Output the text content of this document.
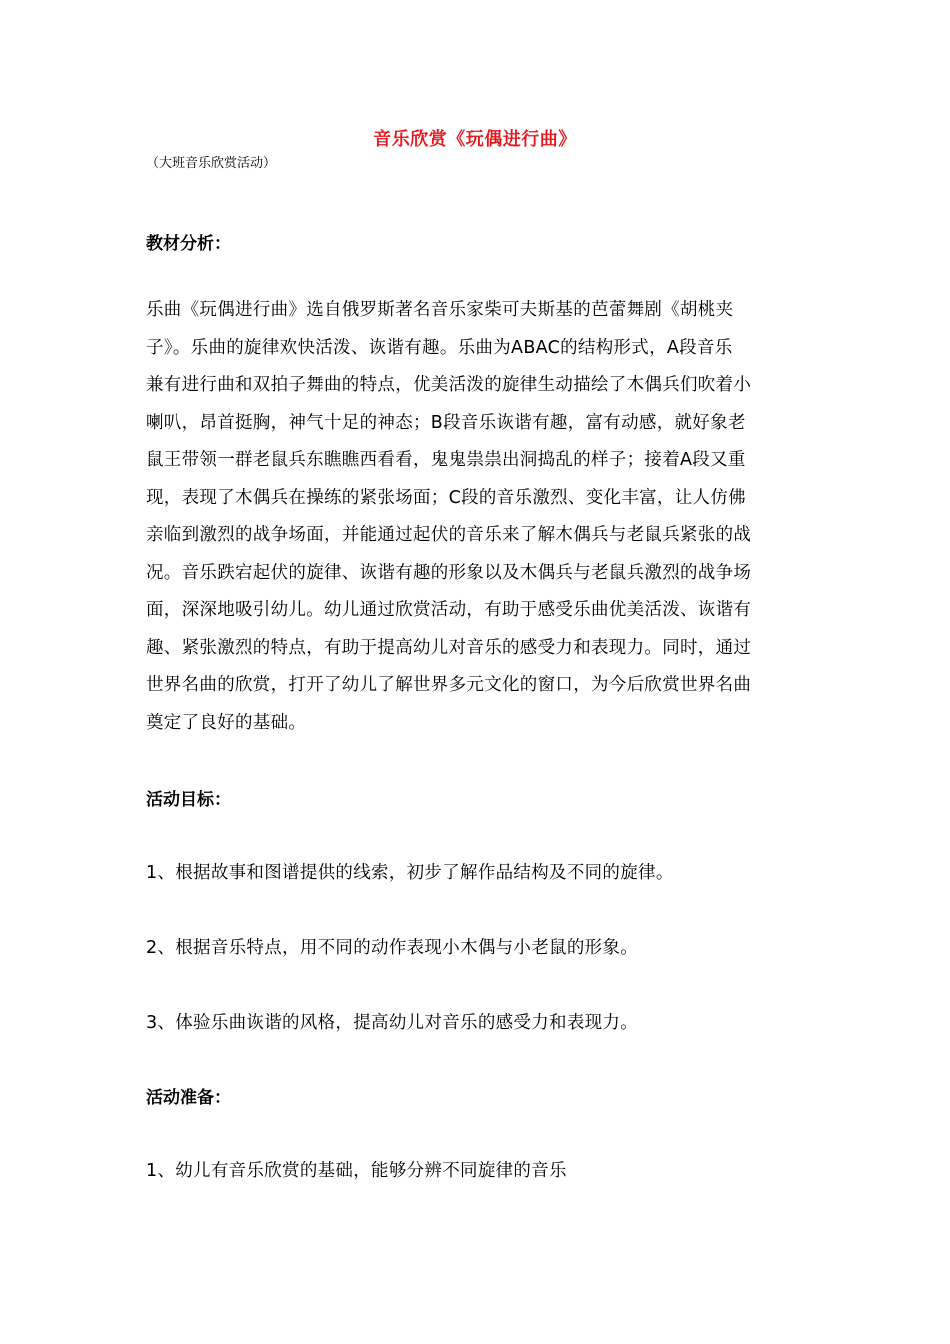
音乐欣赏《玩偶进行曲》
（大班音乐欣赏活动）
教材分析：
乐曲《玩偶进行曲》选自俄罗斯著名音乐家柴可夫斯基的芭蕾舞剧《胡桃夹
子》。乐曲的旋律欢快活泼、诙谐有趣。乐曲为ABAC的结构形式，A段音乐
兼有进行曲和双拍子舞曲的特点，优美活泼的旋律生动描绘了木偶兵们吹着小
喇叭，昂首挺胸，神气十足的神态；B段音乐诙谐有趣，富有动感，就好象老
鼠王带领一群老鼠兵东瞧瞧西看看，鬼鬼祟祟出洞捣乱的样子；接着A段又重
现，表现了木偶兵在操练的紧张场面；C段的音乐激烈、变化丰富，让人仿佛
亲临到激烈的战争场面，并能通过起伏的音乐来了解木偶兵与老鼠兵紧张的战
况。音乐跌宕起伏的旋律、诙谐有趣的形象以及木偶兵与老鼠兵激烈的战争场
面，深深地吸引幼儿。幼儿通过欣赏活动，有助于感受乐曲优美活泼、诙谐有
趣、紧张激烈的特点，有助于提高幼儿对音乐的感受力和表现力。同时，通过
世界名曲的欣赏，打开了幼儿了解世界多元文化的窗口，为今后欣赏世界名曲
奠定了良好的基础。
活动目标：
1、根据故事和图谱提供的线索，初步了解作品结构及不同的旋律。
2、根据音乐特点，用不同的动作表现小木偶与小老鼠的形象。
3、体验乐曲诙谐的风格，提高幼儿对音乐的感受力和表现力。
活动准备：
1、幼儿有音乐欣赏的基础，能够分辨不同旋律的音乐
